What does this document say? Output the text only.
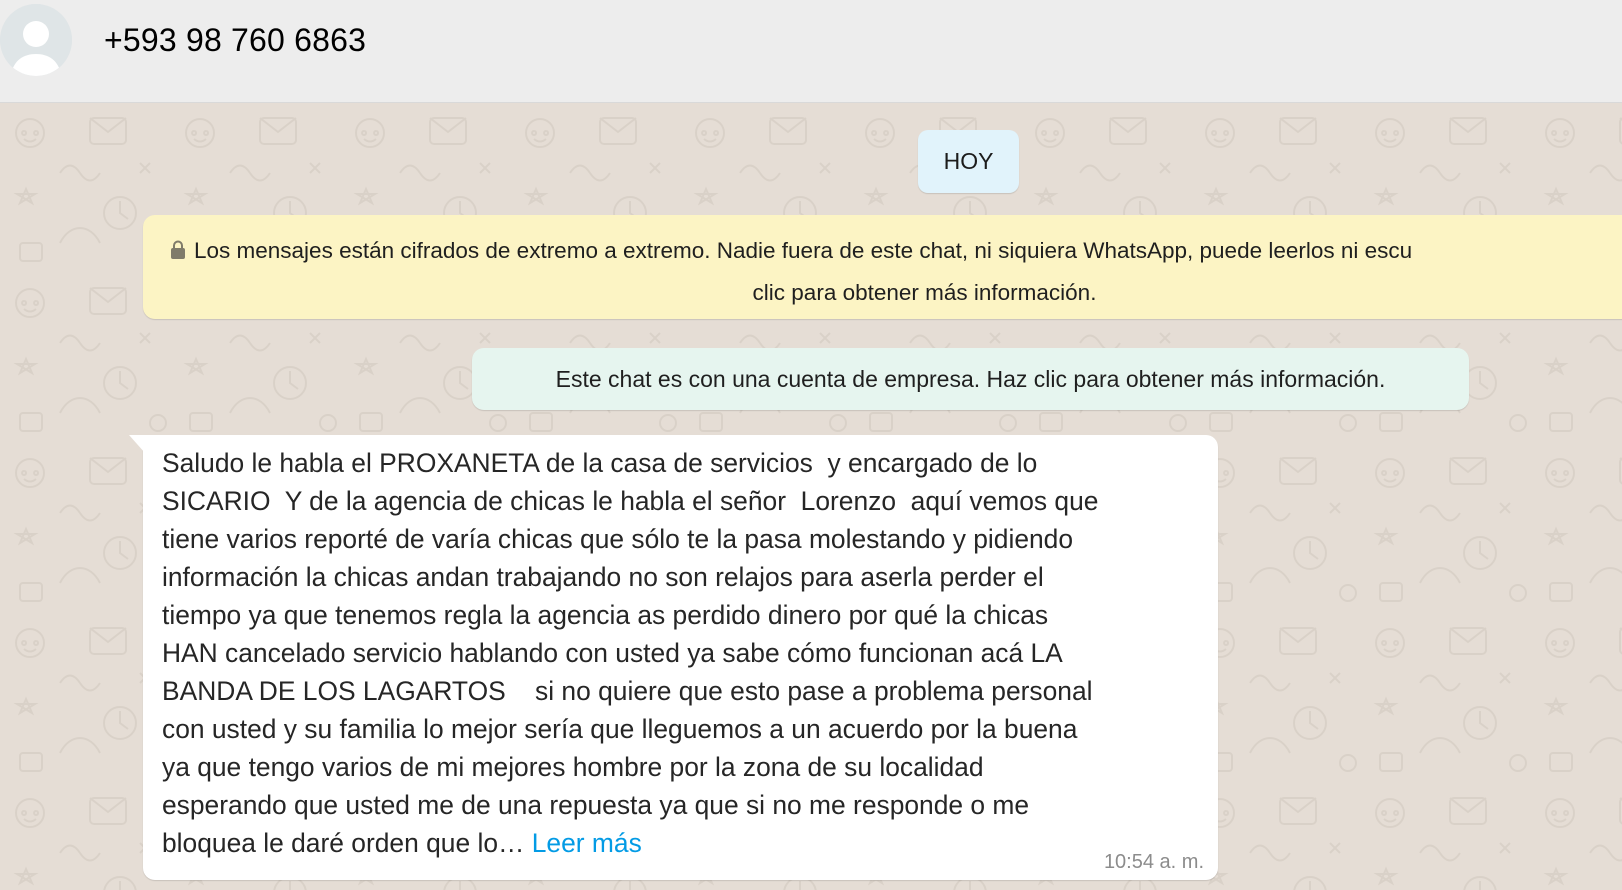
+593 98 760 6863
HOY
Los mensajes están cifrados de extremo a extremo. Nadie fuera de este chat, ni siquiera WhatsApp, puede leerlos ni escu
clic para obtener más información.
Este chat es con una cuenta de empresa. Haz clic para obtener más información.
Saludo le habla el PROXANETA de la casa de servicios  y encargado de lo
SICARIO  Y de la agencia de chicas le habla el señor  Lorenzo  aquí vemos que
tiene varios reporté de varía chicas que sólo te la pasa molestando y pidiendo
información la chicas andan trabajando no son relajos para aserla perder el
tiempo ya que tenemos regla la agencia as perdido dinero por qué la chicas
HAN cancelado servicio hablando con usted ya sabe cómo funcionan acá LA
BANDA DE LOS LAGARTOS    si no quiere que esto pase a problema personal
con usted y su familia lo mejor sería que lleguemos a un acuerdo por la buena
ya que tengo varios de mi mejores hombre por la zona de su localidad
esperando que usted me de una repuesta ya que si no me responde o me
bloquea le daré orden que lo… Leer más
10:54 a. m.
